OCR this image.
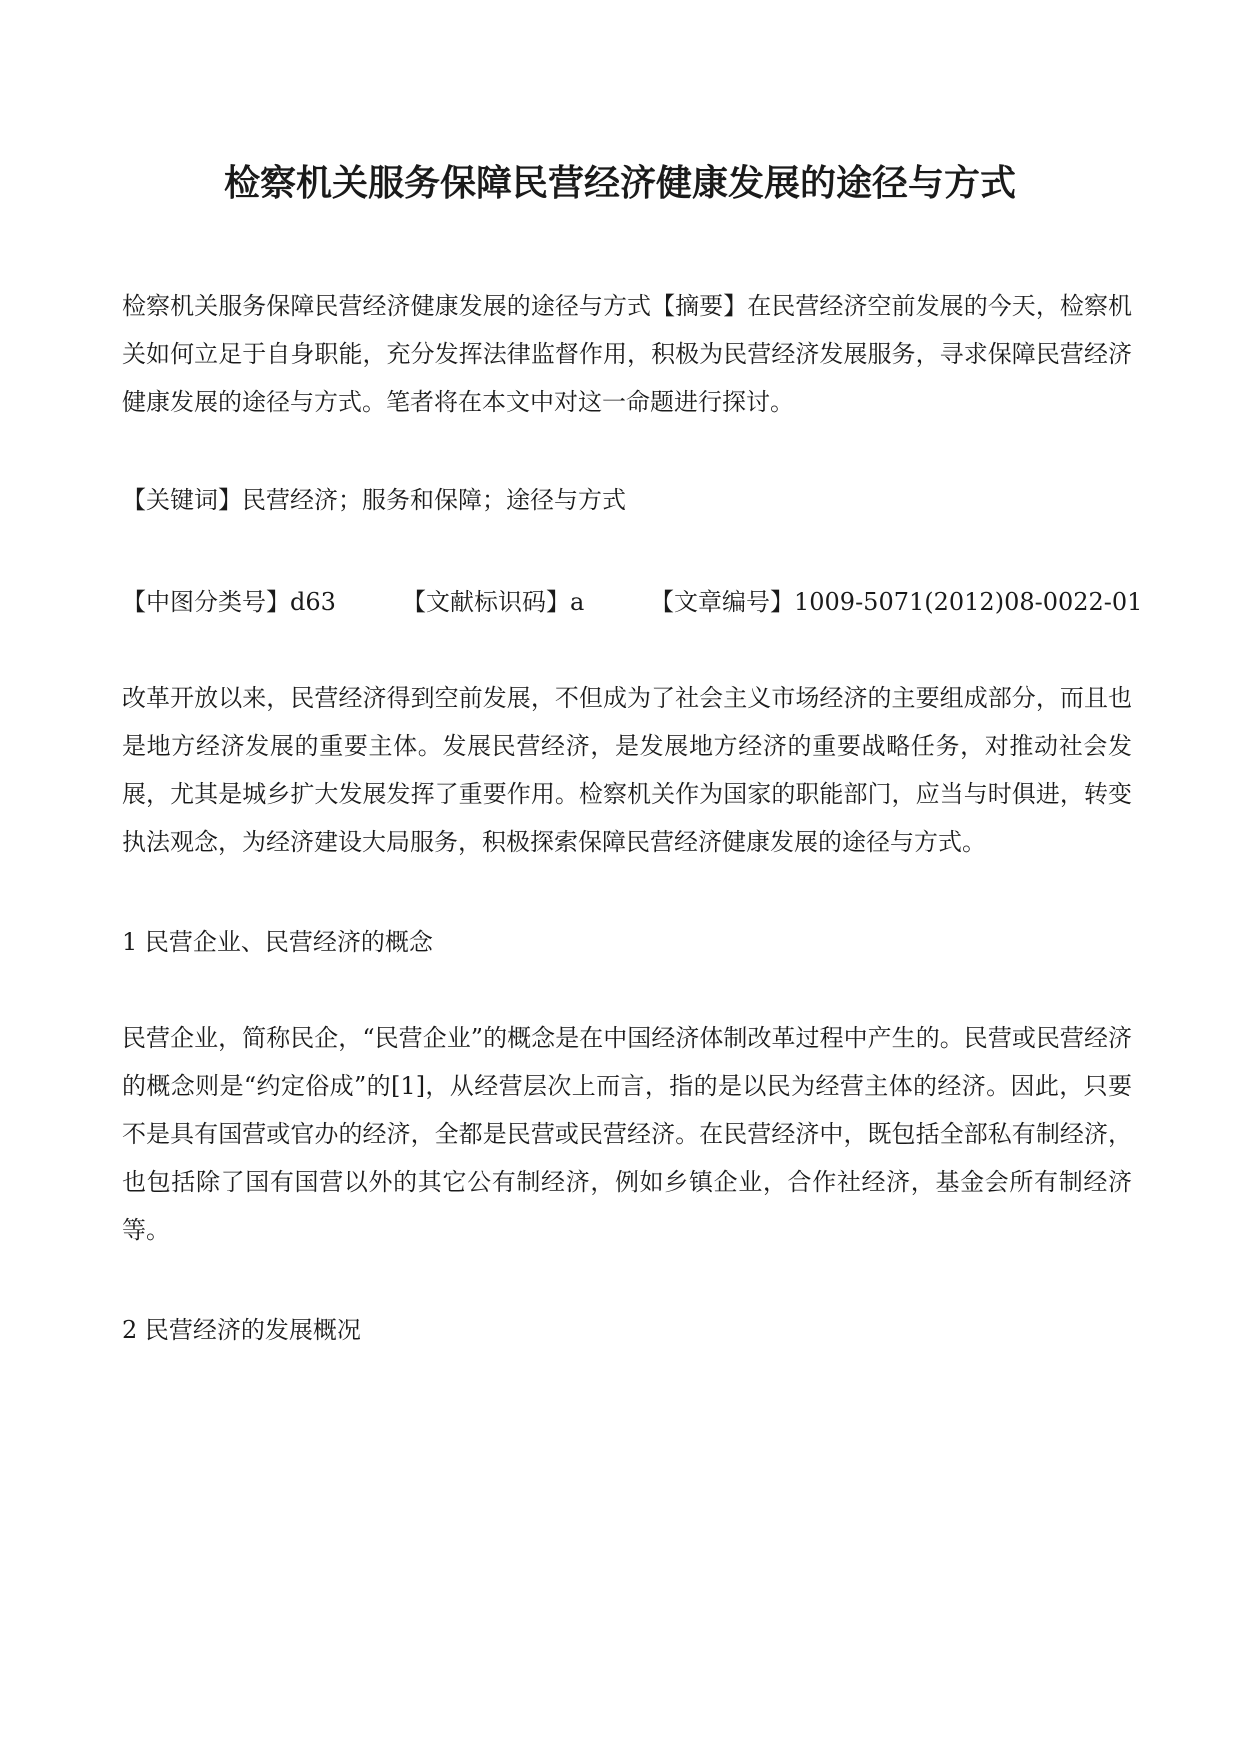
检察机关服务保障民营经济健康发展的途径与方式

检察机关服务保障民营经济健康发展的途径与方式【摘要】在民营经济空前发展的今天，检察机关如何立足于自身职能，充分发挥法律监督作用，积极为民营经济发展服务，寻求保障民营经济健康发展的途径与方式。笔者将在本文中对这一命题进行探讨。

【关键词】民营经济；服务和保障；途径与方式

【中图分类号】d63	【文献标识码】a	【文章编号】1009-5071(2012)08-0022-01

改革开放以来，民营经济得到空前发展，不但成为了社会主义市场经济的主要组成部分，而且也是地方经济发展的重要主体。发展民营经济，是发展地方经济的重要战略任务，对推动社会发展，尤其是城乡扩大发展发挥了重要作用。检察机关作为国家的职能部门，应当与时俱进，转变执法观念，为经济建设大局服务，积极探索保障民营经济健康发展的途径与方式。

1 民营企业、民营经济的概念

民营企业，简称民企，“民营企业”的概念是在中国经济体制改革过程中产生的。民营或民营经济的概念则是“约定俗成”的[1]，从经营层次上而言，指的是以民为经营主体的经济。因此，只要不是具有国营或官办的经济，全都是民营或民营经济。在民营经济中，既包括全部私有制经济，也包括除了国有国营以外的其它公有制经济，例如乡镇企业，合作社经济，基金会所有制经济等。

2 民营经济的发展概况
